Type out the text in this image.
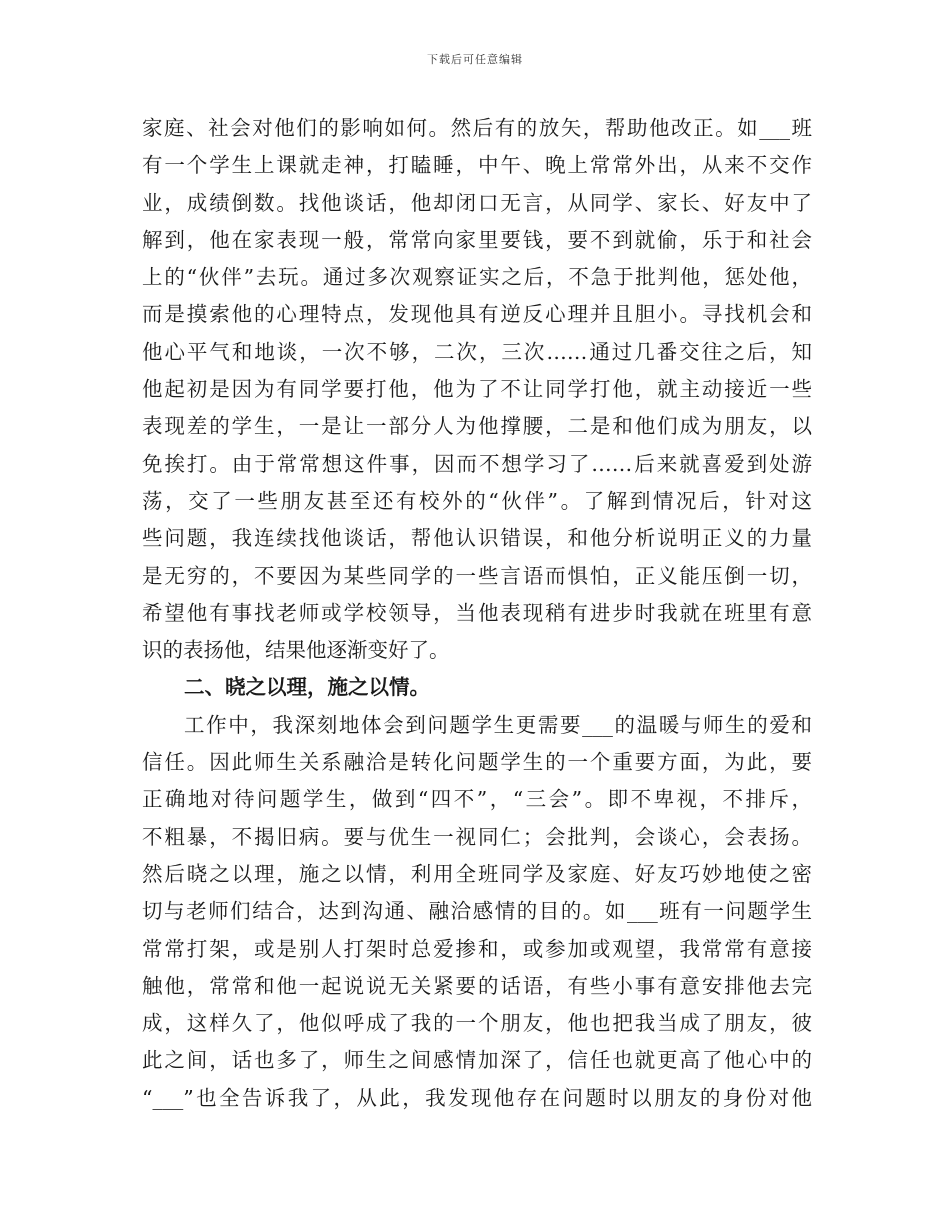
下载后可任意编辑
家庭、社会对他们的影响如何。然后有的放矢，帮助他改正。如___班
有一个学生上课就走神，打瞌睡，中午、晚上常常外出，从来不交作
业，成绩倒数。找他谈话，他却闭口无言，从同学、家长、好友中了
解到，他在家表现一般，常常向家里要钱，要不到就偷，乐于和社会
上的“伙伴”去玩。通过多次观察证实之后，不急于批判他，惩处他，
而是摸索他的心理特点，发现他具有逆反心理并且胆小。寻找机会和
他心平气和地谈，一次不够，二次，三次……通过几番交往之后，知
他起初是因为有同学要打他，他为了不让同学打他，就主动接近一些
表现差的学生，一是让一部分人为他撑腰，二是和他们成为朋友，以
免挨打。由于常常想这件事，因而不想学习了……后来就喜爱到处游
荡，交了一些朋友甚至还有校外的“伙伴”。了解到情况后，针对这
些问题，我连续找他谈话，帮他认识错误，和他分析说明正义的力量
是无穷的，不要因为某些同学的一些言语而惧怕，正义能压倒一切，
希望他有事找老师或学校领导，当他表现稍有进步时我就在班里有意
识的表扬他，结果他逐渐变好了。
二、晓之以理，施之以情。
工作中，我深刻地体会到问题学生更需要___的温暖与师生的爱和
信任。因此师生关系融洽是转化问题学生的一个重要方面，为此，要
正确地对待问题学生，做到“四不”，“三会”。即不卑视，不排斥，
不粗暴，不揭旧病。要与优生一视同仁；会批判，会谈心，会表扬。
然后晓之以理，施之以情，利用全班同学及家庭、好友巧妙地使之密
切与老师们结合，达到沟通、融洽感情的目的。如___班有一问题学生
常常打架，或是别人打架时总爱掺和，或参加或观望，我常常有意接
触他，常常和他一起说说无关紧要的话语，有些小事有意安排他去完
成，这样久了，他似呼成了我的一个朋友，他也把我当成了朋友，彼
此之间，话也多了，师生之间感情加深了，信任也就更高了他心中的
“___”也全告诉我了，从此，我发现他存在问题时以朋友的身份对他
